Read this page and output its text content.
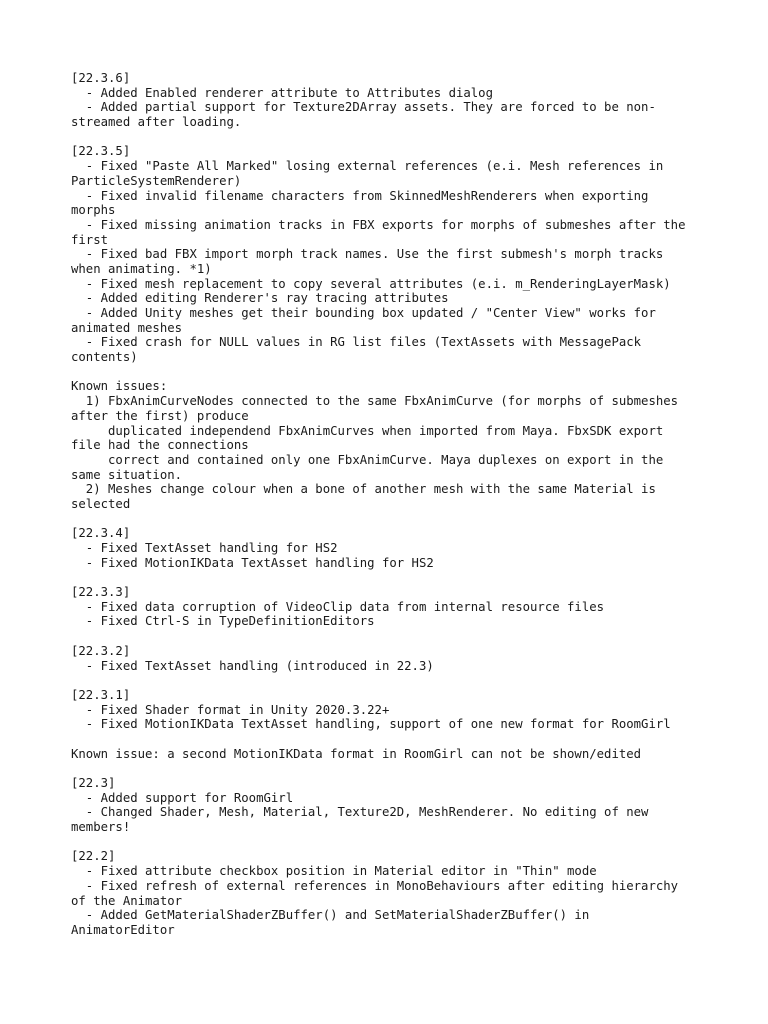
[22.3.6]
- Added Enabled renderer attribute to Attributes dialog
- Added partial support for Texture2DArray assets. They are forced to be non-
streamed after loading.
[22.3.5]
- Fixed "Paste All Marked" losing external references (e.i. Mesh references in
ParticleSystemRenderer)
- Fixed invalid filename characters from SkinnedMeshRenderers when exporting
morphs
- Fixed missing animation tracks in FBX exports for morphs of submeshes after the
first
- Fixed bad FBX import morph track names. Use the first submesh's morph tracks
when animating. *1)
- Fixed mesh replacement to copy several attributes (e.i. m_RenderingLayerMask)
- Added editing Renderer's ray tracing attributes
- Added Unity meshes get their bounding box updated / "Center View" works for
animated meshes
- Fixed crash for NULL values in RG list files (TextAssets with MessagePack
contents)
Known issues:
1) FbxAnimCurveNodes connected to the same FbxAnimCurve (for morphs of submeshes
after the first) produce
duplicated independend FbxAnimCurves when imported from Maya. FbxSDK export
file had the connections
correct and contained only one FbxAnimCurve. Maya duplexes on export in the
same situation.
2) Meshes change colour when a bone of another mesh with the same Material is
selected
[22.3.4]
- Fixed TextAsset handling for HS2
- Fixed MotionIKData TextAsset handling for HS2
[22.3.3]
- Fixed data corruption of VideoClip data from internal resource files
- Fixed Ctrl-S in TypeDefinitionEditors
[22.3.2]
- Fixed TextAsset handling (introduced in 22.3)
[22.3.1]
- Fixed Shader format in Unity 2020.3.22+
- Fixed MotionIKData TextAsset handling, support of one new format for RoomGirl
Known issue: a second MotionIKData format in RoomGirl can not be shown/edited
[22.3]
- Added support for RoomGirl
- Changed Shader, Mesh, Material, Texture2D, MeshRenderer. No editing of new
members!
[22.2]
- Fixed attribute checkbox position in Material editor in "Thin" mode
- Fixed refresh of external references in MonoBehaviours after editing hierarchy
of the Animator
- Added GetMaterialShaderZBuffer() and SetMaterialShaderZBuffer() in
AnimatorEditor
